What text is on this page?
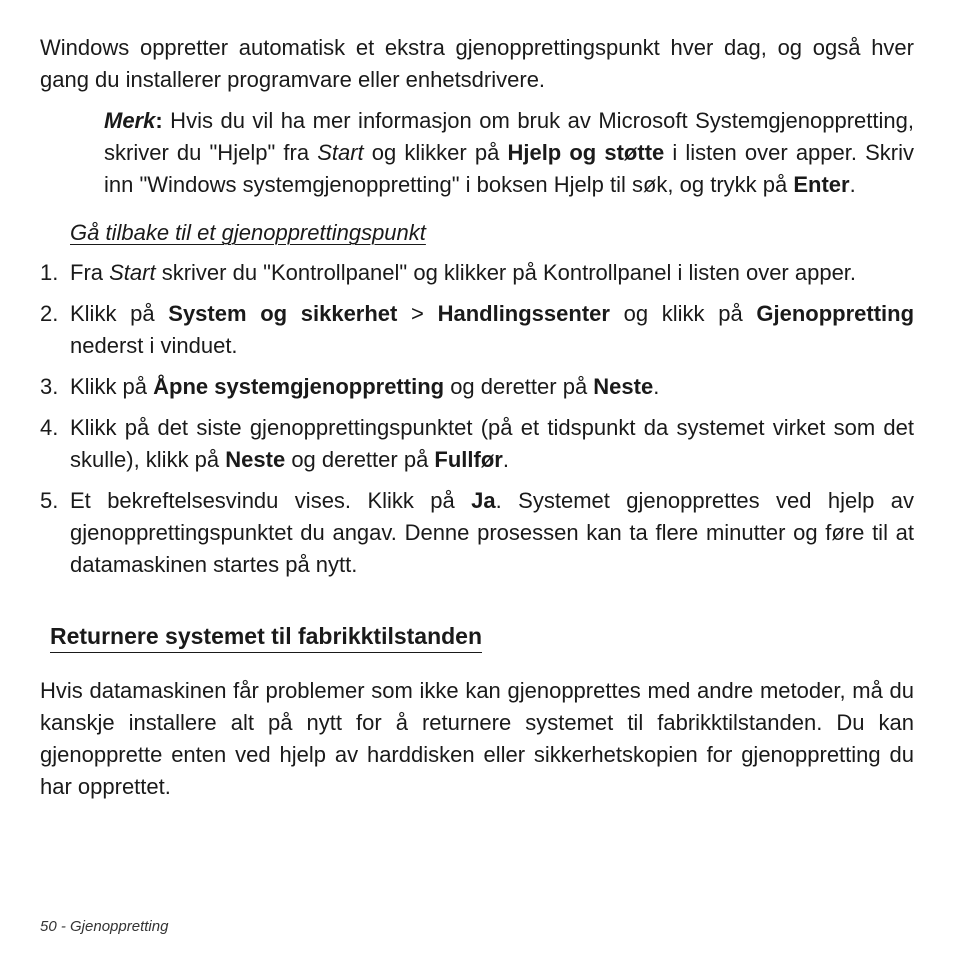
Windows oppretter automatisk et ekstra gjenopprettingspunkt hver dag, og også hver gang du installerer programvare eller enhetsdrivere.

Merk: Hvis du vil ha mer informasjon om bruk av Microsoft Systemgjenoppretting, skriver du "Hjelp" fra Start og klikker på Hjelp og støtte i listen over apper. Skriv inn "Windows systemgjenoppretting" i boksen Hjelp til søk, og trykk på Enter.

Gå tilbake til et gjenopprettingspunkt
1. Fra Start skriver du "Kontrollpanel" og klikker på Kontrollpanel i listen over apper.
2. Klikk på System og sikkerhet > Handlingssenter og klikk på Gjenoppretting nederst i vinduet.
3. Klikk på Åpne systemgjenoppretting og deretter på Neste.
4. Klikk på det siste gjenopprettingspunktet (på et tidspunkt da systemet virket som det skulle), klikk på Neste og deretter på Fullfør.
5. Et bekreftelsesvindu vises. Klikk på Ja. Systemet gjenopprettes ved hjelp av gjenopprettingspunktet du angav. Denne prosessen kan ta flere minutter og føre til at datamaskinen startes på nytt.
Returnere systemet til fabrikktilstanden

Hvis datamaskinen får problemer som ikke kan gjenopprettes med andre metoder, må du kanskje installere alt på nytt for å returnere systemet til fabrikktilstanden. Du kan gjenopprette enten ved hjelp av harddisken eller sikkerhetskopien for gjenoppretting du har opprettet.

50 - Gjenoppretting
